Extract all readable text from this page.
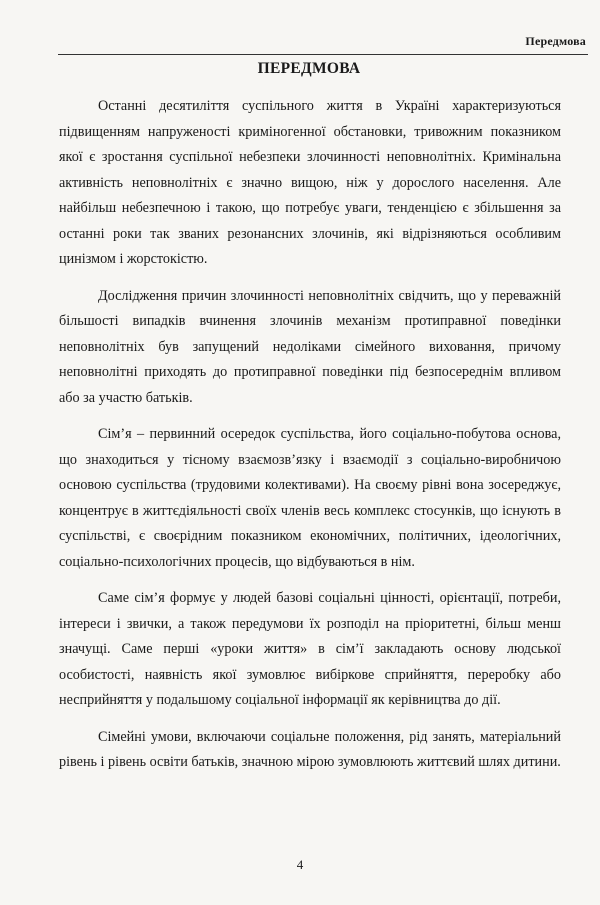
Передмова
ПЕРЕДМОВА

Останні десятиліття суспільного життя в Україні характеризуються підвищенням напруженості криміногенної обстановки, тривожним показником якої є зростання суспільної небезпеки злочинності неповнолітніх. Кримінальна активність неповнолітніх є значно вищою, ніж у дорослого населення. Але найбільш небезпечною і такою, що потребує уваги, тенденцією є збільшення за останні роки так званих резонансних злочинів, які відрізняються особливим цинізмом і жорстокістю.

Дослідження причин злочинності неповнолітніх свідчить, що у переважній більшості випадків вчинення злочинів механізм протиправної поведінки неповнолітніх був запущений недоліками сімейного виховання, причому неповнолітні приходять до протиправної поведінки під безпосереднім впливом або за участю батьків.

Сім’я – первинний осередок суспільства, його соціально-побутова основа, що знаходиться у тісному взаємозв’язку і взаємодії з соціально-виробничою основою суспільства (трудовими колективами). На своєму рівні вона зосереджує, концентрує в життєдіяльності своїх членів весь комплекс стосунків, що існують в суспільстві, є своєрідним показником економічних, політичних, ідеологічних, соціально-психологічних процесів, що відбуваються в нім.

Саме сім’я формує у людей базові соціальні цінності, орієнтації, потреби, інтереси і звички, а також передумови їх розподіл на пріоритетні, більш менш значущі. Саме перші «уроки життя» в сім’ї закладають основу людської особистості, наявність якої зумовлює вибіркове сприйняття, переробку або несприйняття у подальшому соціальної інформації як керівництва до дії.

Сімейні умови, включаючи соціальне положення, рід занять, матеріальний рівень і рівень освіти батьків, значною мірою зумовлюють життєвий шлях дитини.

4
